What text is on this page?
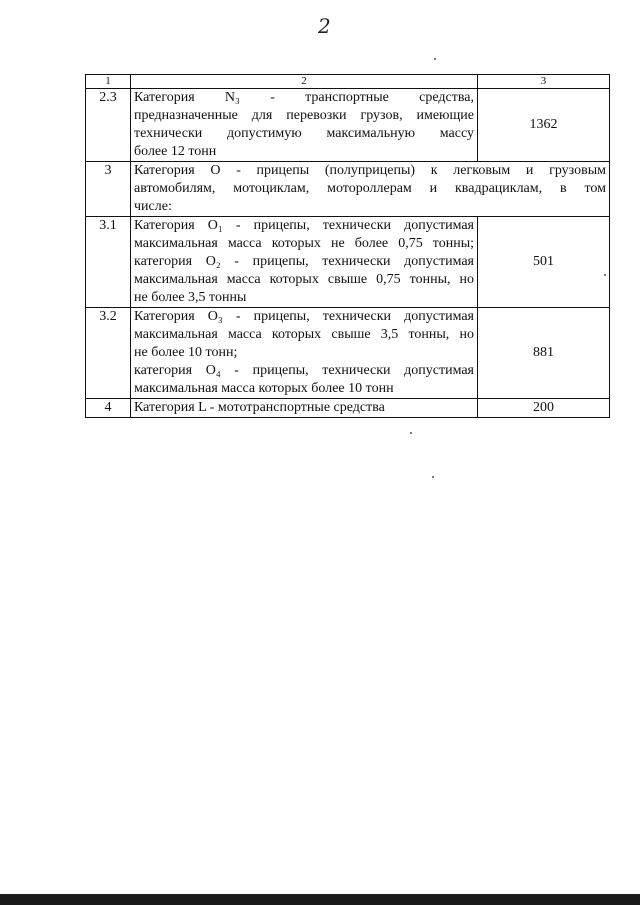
2
1	2	3
2.3	Категория N₃ - транспортные средства,
предназначенные для перевозки грузов, имеющие
технически допустимую максимальную массу
более 12 тонн	1362
3	Категория O - прицепы (полуприцепы) к легковым и грузовым
автомобилям, мотоциклам, мотороллерам и квадрациклам, в том
числе:	

3.1	Категория O₁ - прицепы, технически допустимая
максимальная масса которых не более 0,75 тонны;
категория O₂ - прицепы, технически допустимая
максимальная масса которых свыше 0,75 тонны, но
не более 3,5 тонны	501
3.2	Категория O₃ - прицепы, технически допустимая
максимальная масса которых свыше 3,5 тонны, но
не более 10 тонн;
категория O₄ - прицепы, технически допустимая
максимальная масса которых более 10 тонн	881
4	Категория L - мототранспортные средства	200
